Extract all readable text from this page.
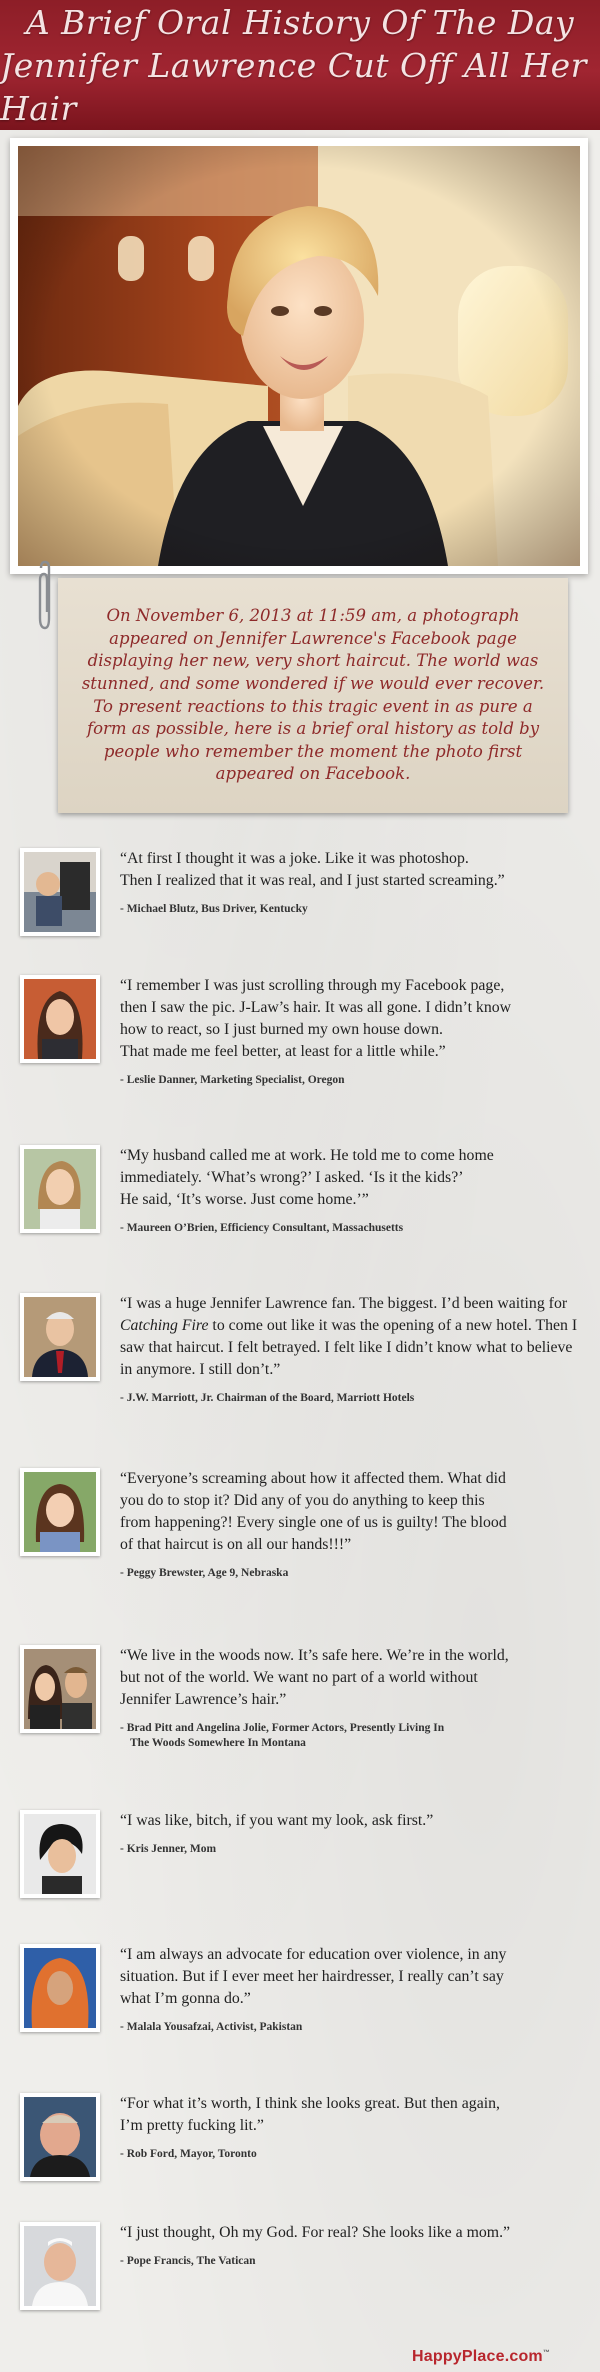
A Brief Oral History Of The Day
Jennifer Lawrence Cut Off All Her Hair

On November 6, 2013 at 11:59 am, a photograph appeared on Jennifer Lawrence's Facebook page displaying her new, very short haircut. The world was stunned, and some wondered if we would ever recover. To present reactions to this tragic event in as pure a form as possible, here is a brief oral history as told by people who remember the moment the photo first appeared on Facebook.

“At first I thought it was a joke. Like it was photoshop.
Then I realized that it was real, and I just started screaming.”

- Michael Blutz, Bus Driver, Kentucky

“I remember I was just scrolling through my Facebook page,
then I saw the pic. J-Law’s hair. It was all gone. I didn’t know
how to react, so I just burned my own house down.
That made me feel better, at least for a little while.”

- Leslie Danner, Marketing Specialist, Oregon

“My husband called me at work. He told me to come home
immediately. ‘What’s wrong?’ I asked. ‘Is it the kids?’
He said, ‘It’s worse. Just come home.’”

- Maureen O’Brien, Efficiency Consultant, Massachusetts

“I was a huge Jennifer Lawrence fan. The biggest. I’d been waiting for Catching Fire to come out like it was the opening of a new hotel. Then I saw that haircut. I felt betrayed. I felt like I didn’t know what to believe in anymore. I still don’t.”

- J.W. Marriott, Jr. Chairman of the Board, Marriott Hotels

“Everyone’s screaming about how it affected them. What did
you do to stop it? Did any of you do anything to keep this
from happening?! Every single one of us is guilty! The blood
of that haircut is on all our hands!!!”

- Peggy Brewster, Age 9, Nebraska

“We live in the woods now. It’s safe here. We’re in the world,
but not of the world. We want no part of a world without
Jennifer Lawrence’s hair.”

- Brad Pitt and Angelina Jolie, Former Actors, Presently Living In
The Woods Somewhere In Montana

“I was like, bitch, if you want my look, ask first.”

- Kris Jenner, Mom

“I am always an advocate for education over violence, in any
situation. But if I ever meet her hairdresser, I really can’t say
what I’m gonna do.”

- Malala Yousafzai, Activist, Pakistan

“For what it’s worth, I think she looks great. But then again,
I’m pretty fucking lit.”

- Rob Ford, Mayor, Toronto

“I just thought, Oh my God. For real? She looks like a mom.”

- Pope Francis, The Vatican
HappyPlace.com™
